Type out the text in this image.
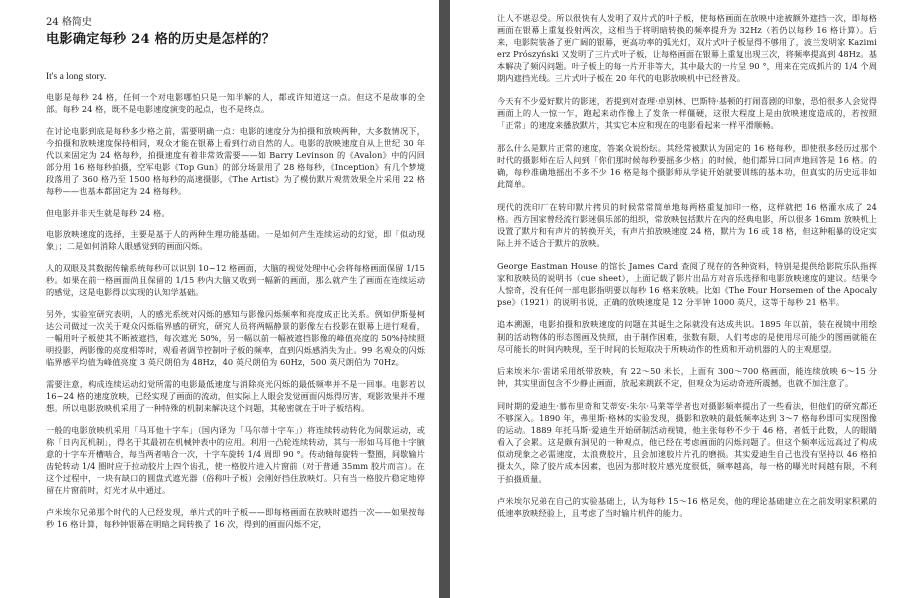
24 格简史
电影确定每秒 24 格的历史是怎样的？
It's a long story.

电影是每秒 24 格，任何一个对电影哪怕只是一知半解的人，都或许知道这一点。但这不是故事的全部。每秒 24 格，既不是电影速度演变的起点，也不是终点。

在讨论电影到底是每秒多少格之前，需要明确一点：电影的速度分为拍摄和放映两种，大多数情况下，今拍摄和放映速度保持相同，观众才能在银幕上看到行动自然的人。电影的放映速度自从上世纪 30 年代以来固定为 24 格每秒，拍摄速度有着非常效需要——如 Barry Levinson 的《Avalon》中的闪回部分用 16 格每秒拍摄，空军电影《Top Gun》的部分场景用了 28 格每秒，《Inception》有几个梦境段落用了 360 格乃至 1500 格每秒的高速摄影，《The Artist》为了模仿默片观赏效果全片采用 22 格每秒——也基本都固定为 24 格每秒。

但电影并非天生就是每秒 24 格。

电影放映速度的选择，主要是基于人的两种生理功能基础。一是如何产生连续运动的幻觉，即「似动现象」；二是如何消除人眼感觉到的画面闪烁。

人的双眼及其数据传输系统每秒可以识别 10~12 格画面，大脑的视觉处理中心会将每格画面保留 1/15 秒。如果在前一格画面尚且保留的 1/15 秒内大脑又收到一幅新的画面，那么就产生了画面在连续运动的感觉，这是电影得以实现的认知学基础。

另外，实验室研究表明，人的感光系统对闪烁的感知与影像闪烁频率和亮度成正比关系。例如伊斯曼柯达公司做过一次关于观众闪烁临界感的研究，研究人员将两幅静景的影像左右投影在银幕上进行观看，一幅用叶子板使其不断被遮挡，每次遮光 50%，另一幅以前一幅被遮挡影像的峰值亮度的 50%持续照明投影，两影像的亮度相等时，观看者调节控制叶子板的频率，直到闪烁感消失为止。99 名观众的闪烁临界感平均值为峰值亮度 3 英尺朗伯为 48Hz，40 英尺朗伯为 60Hz，500 英尺朗伯为 70Hz。

需要注意，构成连续运动幻觉所需的电影最低速度与消除亮光闪烁的最低频率并不是一回事。电影若以 16~24 格的速度放映，已经实现了画面的流动，但实际上人眼会发觉画面闪烁得厉害，观影效果并不理想。所以电影放映机采用了一种特殊的机制来解决这个问题，其秘密就在于叶子板结构。

一般的电影放映机采用「马耳他十字车」（国内译为「马尔蒂十字车」）将连续转动转化为间歇运动，或称「日内瓦机制」，得名于其最初在机械钟表中的应用。利用一凸轮连续转动，其与一形如马耳他十字腋意的十字车开槽啮合，每当两者啮合一次，十字车旋转 1/4 周即 90 °。传动轴每旋转一整圈，间歇输片齿轮转动 1/4 圈时应于拉动胶片上四个齿孔，使一格胶片进入片窗前（对于普通 35mm 胶片而言）。在这个过程中，一块有缺口的圆盘式遮光器（俗称叶子板）会刚好挡住放映灯。只有当一格胶片稳定地停留在片窗前时，灯光才从中通过。

卢米埃尔兄弟那个时代的人已经发现，单片式的叶子板——即每格画面在放映时遮挡一次——如果按每秒 16 格计算，每秒钟银幕在明暗之间转换了 16 次，得到的画面闪烁不定，

让人不堪忍受。所以很快有人发明了双片式的叶子板，使每格画面在放映中途被额外遮挡一次，即每格画面在银幕上重复投射两次，这相当于将明暗转换的频率提升为 32Hz（若仍以每秒 16 格计算）。后来，电影院装备了更广阔的银幕，更高功率的弧光灯，双片式叶子板显得不够用了，波兰发明家 Kazimierz Prószyński 又发明了三片式叶子板，让每格画面在银幕上重复出现三次，将频率提高到 48Hz。基本解决了频闪问题。叶子板上的每一片开非等大，其中最大的一片呈 90 °，用来在完成抓片的 1/4 个周期内遮挡光线。三片式叶子板在 20 年代的电影放映机中已经普及。

今天有不少爱好默片的影迷，若提到对查理·卓别林、巴斯特·基顿的打闹喜剧的印象，恐怕很多人会觉得画面上的人一惊一乍，跑起来动作像上了发条一样僵硬，这很大程度上是由放映速度造成的，若按照「正常」的速度来播放默片，其实它本应和现在的电影看起来一样平滑顺畅。

那么什么是默片正常的速度，答案众说纷纭。其经常被默认为固定的 16 格每秒，即使很多经历过那个时代的摄影师在后人问到「你们那时候每秒要摇多少格」的时候，他们都异口同声地回答是 16 格。的确，每秒准确地摇出不多不少 16 格是每个摄影师从学徒开始就要训练的基本功，但真实的历史远非如此简单。

现代的洗印厂在转印默片拷贝的时候常常简单地每两格重复加印一格，这样就把 16 格灌水成了 24 格。西方国家曾经流行影迷俱乐部的组织，常放映包括默片在内的经典电影，所以很多 16mm 放映机上设置了默片和有声片的转换开关，有声片拍放映速度 24 格，默片为 16 或 18 格，但这种粗暴的设定实际上并不适合于默片的放映。

George Eastman House 的馆长 James Card 查阅了现存的各种资料，特别是提供给影院乐队指挥家和放映员的说明书（cue sheet），上面记载了影片出品方对音乐选择和电影放映速度的建议。结果令人惊奇，没有任何一部电影指明要以每秒 16 格来放映。比如《The Four Horsemen of the Apocalypse》（1921）的说明书说，正确的放映速度是 12 分半钟 1000 英尺，这等于每秒 21 格半。

追本溯源，电影拍摄和放映速度的问题在其诞生之际就没有达成共识。1895 年以前，装在视镜中用绘制的活动物体的形态图画及快照，由于制作困难，张数有限，人们考虑的是使用尽可能少的图画就能在尽可能长的时间内映现，至于时间的长短取决于所映动作的性质和开动机器的人的主观愿望。

后来埃米尔·雷诺采用纸带放映，有 22～50 米长，上面有 300～700 格画面，能连续放映 6～15 分钟，其实里面包含不少静止画面，放起来跳跃不定，但观众为运动奇迹所震撼，也就不加注意了。

同时期的爱迪生·慕布里奇和艾蒂安-朱尔·马莱等学者也对摄影频率提出了一些看法，但他们的研究都还不够深入。1890 年，弗里斯·格林的实验发现，摄影和放映的最低频率达到 3～7 格每秒即可实现图像的运动。1889 年托马斯·爱迪生开始研制活动视镜，他主张每秒不少于 46 格，者低于此数，人的眼睛看入了会累。这是颇有洞见的一种观点，他已经在考虑画面的闪烁问题了。但这个频率远远高过了构成似动现象之必需速度，太浪费胶片，且会加速胶片片孔的磨损。其实爱迪生自己也没有坚持以 46 格拍摄太久，除了胶片成本因素，也因为那时胶片感光度很低，频率越高，每一格的曝光时间越有限，不利于拍摄质量。

卢米埃尔兄弟在自己的实验基础上，认为每秒 15～16 格足矣，他的理论基础建立在之前发明家积累的低速率放映经验上，且考虑了当时输片机件的能力。
